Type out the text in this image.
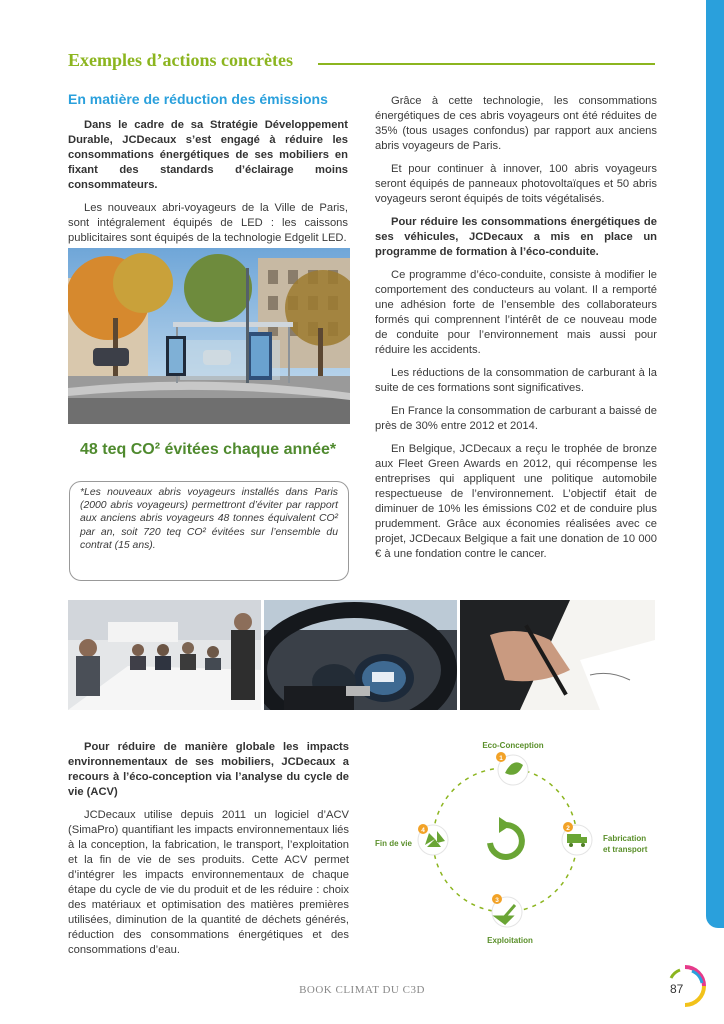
Exemples d’actions concrètes
En matière de réduction des émissions

Dans le cadre de sa Stratégie Développement Durable, JCDecaux s’est engagé à réduire les consommations énergétiques de ses mobiliers en fixant des standards d’éclairage moins consommateurs.

Les nouveaux abri-voyageurs de la Ville de Paris, sont intégralement équipés de LED : les caissons publicitaires sont équipés de la technologie Edgelit LED.

48 teq CO² évitées chaque année*
*Les nouveaux abris voyageurs installés dans Paris (2000 abris voyageurs) permettront d’éviter par rapport aux anciens abris voyageurs 48 tonnes équivalent CO² par an, soit 720 teq CO² évitées sur l’ensemble du contrat (15 ans).

Grâce à cette technologie, les consommations énergétiques de ces abris voyageurs ont été réduites de 35% (tous usages confondus) par rapport aux anciens abris voyageurs de Paris.

Et pour continuer à innover, 100 abris voyageurs seront équipés de panneaux photovoltaïques et 50 abris voyageurs seront équipés de toits végétalisés.

Pour réduire les consommations énergétiques de ses véhicules, JCDecaux a mis en place un programme de formation à l’éco-conduite.

Ce programme d’éco-conduite, consiste à modifier le comportement des conducteurs au volant. Il a remporté une adhésion forte de l’ensemble des collaborateurs formés qui comprennent l’intérêt de ce nouveau mode de conduite pour l’environnement mais aussi pour réduire les accidents.

Les réductions de la consommation de carburant à la suite de ces formations sont significatives.

En France la consommation de carburant a baissé de près de 30% entre 2012 et 2014.

En Belgique, JCDecaux a reçu le trophée de bronze aux Fleet Green Awards en 2012, qui récompense les entreprises qui appliquent une politique automobile respectueuse de l’environnement. L’objectif était de diminuer de 10% les émissions C02 et de conduire plus prudemment. Grâce aux économies réalisées avec ce projet, JCDecaux Belgique a fait une donation de 10 000 € à une fondation contre le cancer.

Pour réduire de manière globale les impacts environnementaux de ses mobiliers, JCDecaux a recours à l’éco-conception via l’analyse du cycle de vie (ACV)

JCDecaux utilise depuis 2011 un logiciel d’ACV (SimaPro) quantifiant les impacts environnementaux liés à la conception, la fabrication, le transport, l’exploitation et la fin de vie de ses produits. Cette ACV permet d’intégrer les impacts environnementaux de chaque étape du cycle de vie du produit et de les réduire : choix des matériaux et optimisation des matières premières utilisées, diminution de la quantité de déchets générés, réduction des consommations énergétiques et des consommations d’eau.

Eco-Conception
1
2
Fabrication
et transport
3
Exploitation
4
Fin de vie
BOOK CLIMAT DU C3D	87
